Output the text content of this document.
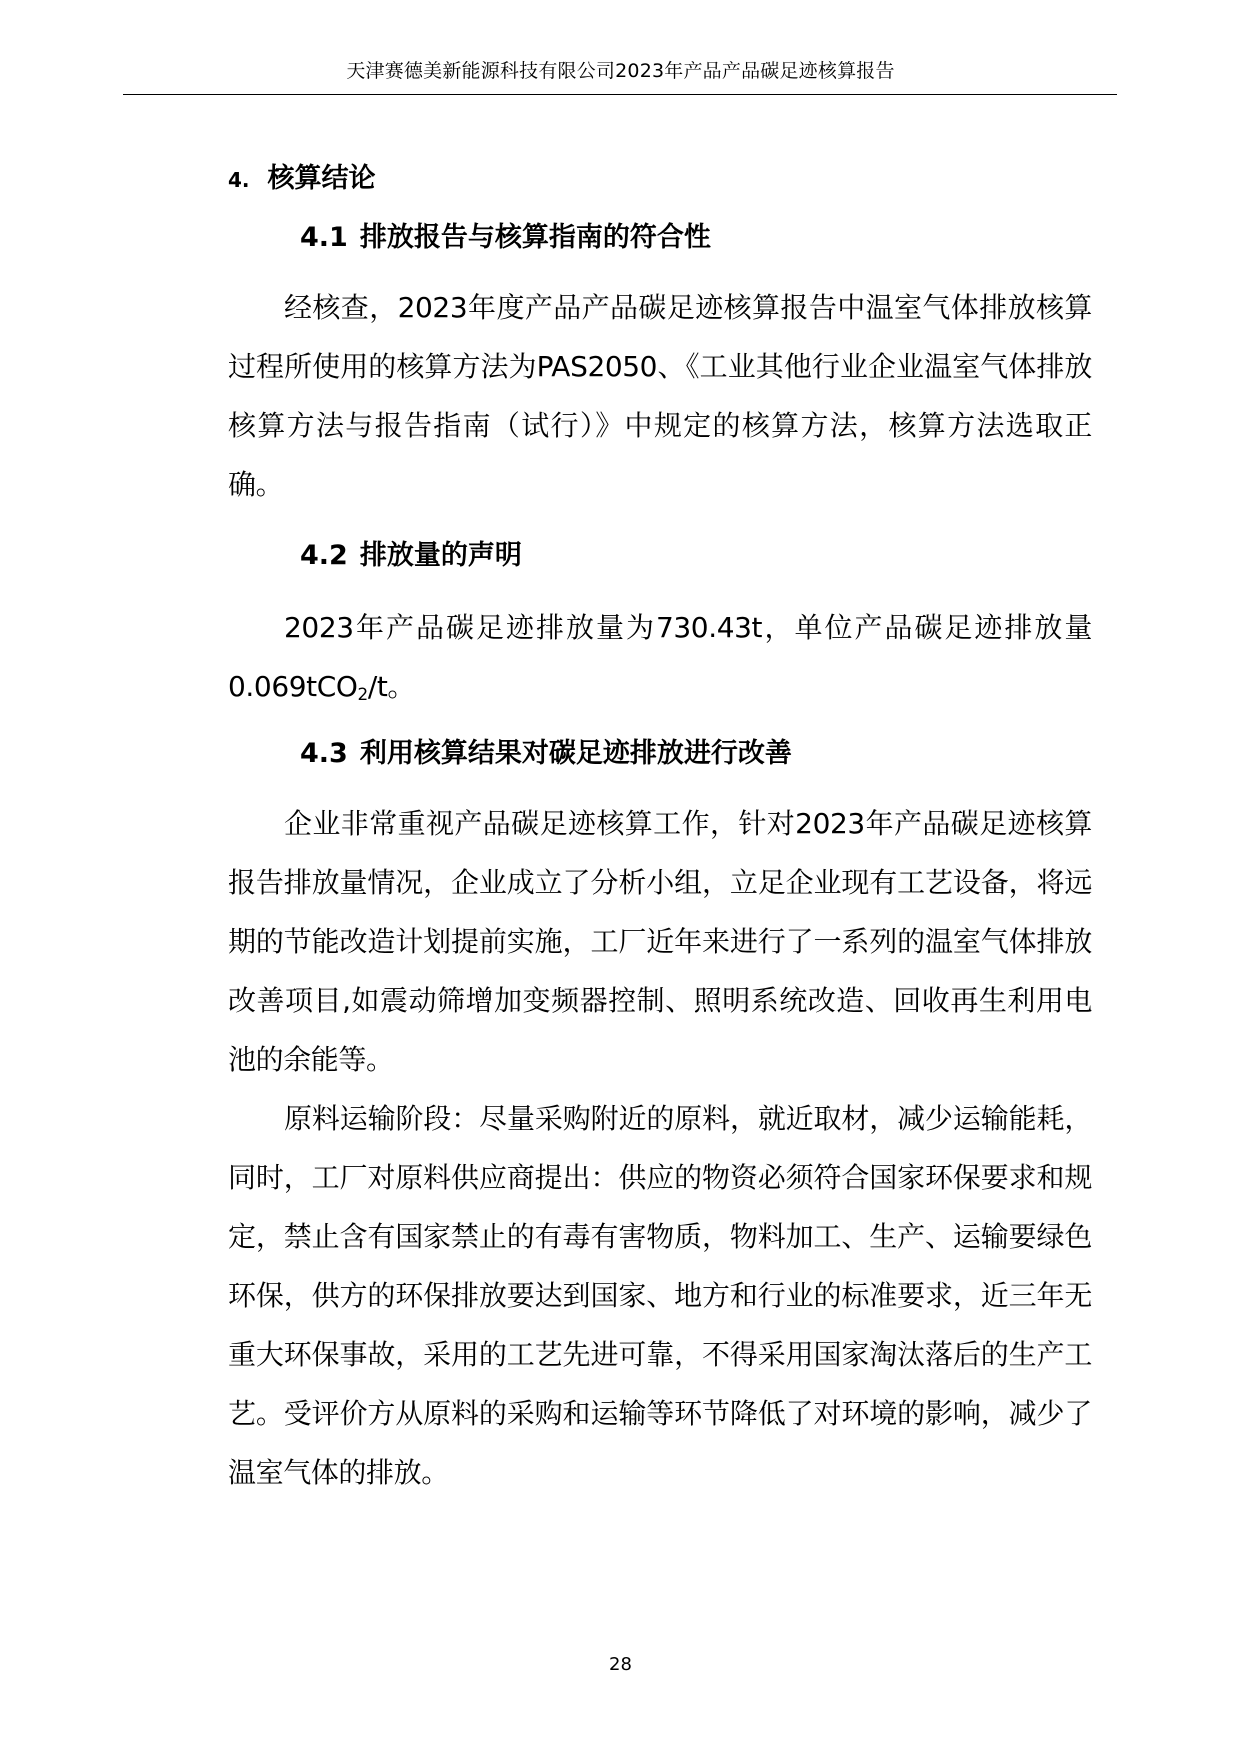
天津赛德美新能源科技有限公司2023年产品产品碳足迹核算报告
4. 核算结论
4.1 排放报告与核算指南的符合性

经核查，2023年度产品产品碳足迹核算报告中温室气体排放核算过程所使用的核算方法为PAS2050、《工业其他行业企业温室气体排放核算方法与报告指南（试行）》中规定的核算方法，核算方法选取正确。

4.2 排放量的声明

2023年产品碳足迹排放量为730.43t，单位产品碳足迹排放量0.069tCO$_2$/t。

4.3 利用核算结果对碳足迹排放进行改善

企业非常重视产品碳足迹核算工作，针对2023年产品碳足迹核算报告排放量情况，企业成立了分析小组，立足企业现有工艺设备，将远期的节能改造计划提前实施，工厂近年来进行了一系列的温室气体排放改善项目,如震动筛增加变频器控制、照明系统改造、回收再生利用电池的余能等。

原料运输阶段：尽量采购附近的原料，就近取材，减少运输能耗，同时，工厂对原料供应商提出：供应的物资必须符合国家环保要求和规定，禁止含有国家禁止的有毒有害物质，物料加工、生产、运输要绿色环保，供方的环保排放要达到国家、地方和行业的标准要求，近三年无重大环保事故，采用的工艺先进可靠，不得采用国家淘汰落后的生产工艺。受评价方从原料的采购和运输等环节降低了对环境的影响，减少了温室气体的排放。

28
